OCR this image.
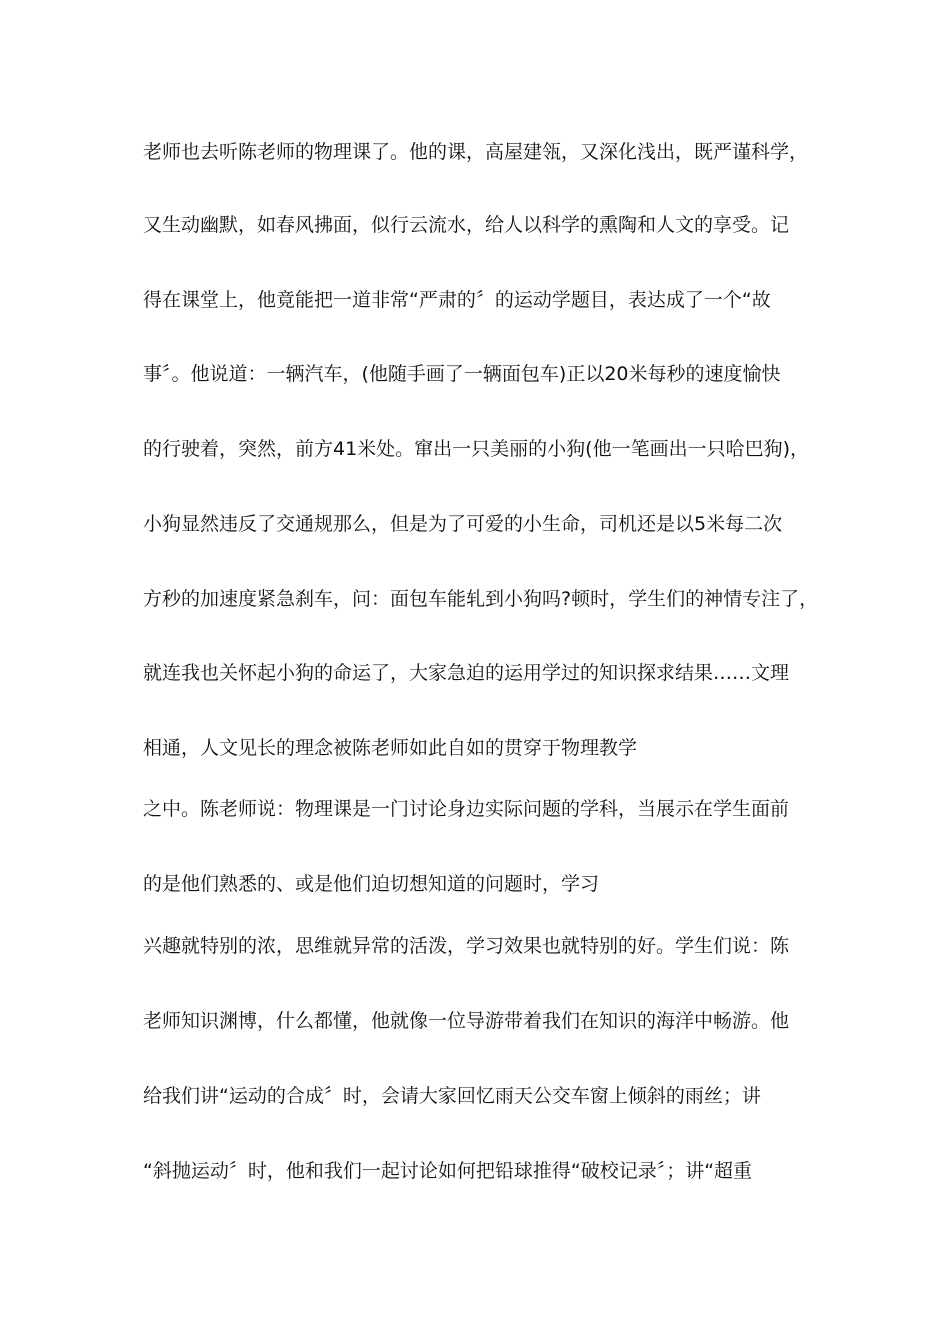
老师也去听陈老师的物理课了。他的课，高屋建瓴，又深化浅出，既严谨科学，
又生动幽默，如春风拂面，似行云流水，给人以科学的熏陶和人文的享受。记
得在课堂上，他竟能把一道非常“严肃的〞的运动学题目，表达成了一个“故
事〞。他说道：一辆汽车，(他随手画了一辆面包车)正以20米每秒的速度愉快
的行驶着，突然，前方41米处。窜出一只美丽的小狗(他一笔画出一只哈巴狗)，
小狗显然违反了交通规那么，但是为了可爱的小生命，司机还是以5米每二次
方秒的加速度紧急刹车，问：面包车能轧到小狗吗?顿时，学生们的神情专注了，
就连我也关怀起小狗的命运了，大家急迫的运用学过的知识探求结果……文理
相通，人文见长的理念被陈老师如此自如的贯穿于物理教学
之中。陈老师说：物理课是一门讨论身边实际问题的学科，当展示在学生面前
的是他们熟悉的、或是他们迫切想知道的问题时，学习
兴趣就特别的浓，思维就异常的活泼，学习效果也就特别的好。学生们说：陈
老师知识渊博，什么都懂，他就像一位导游带着我们在知识的海洋中畅游。他
给我们讲“运动的合成〞时，会请大家回忆雨天公交车窗上倾斜的雨丝；讲
“斜抛运动〞时，他和我们一起讨论如何把铅球推得“破校记录〞；讲“超重
